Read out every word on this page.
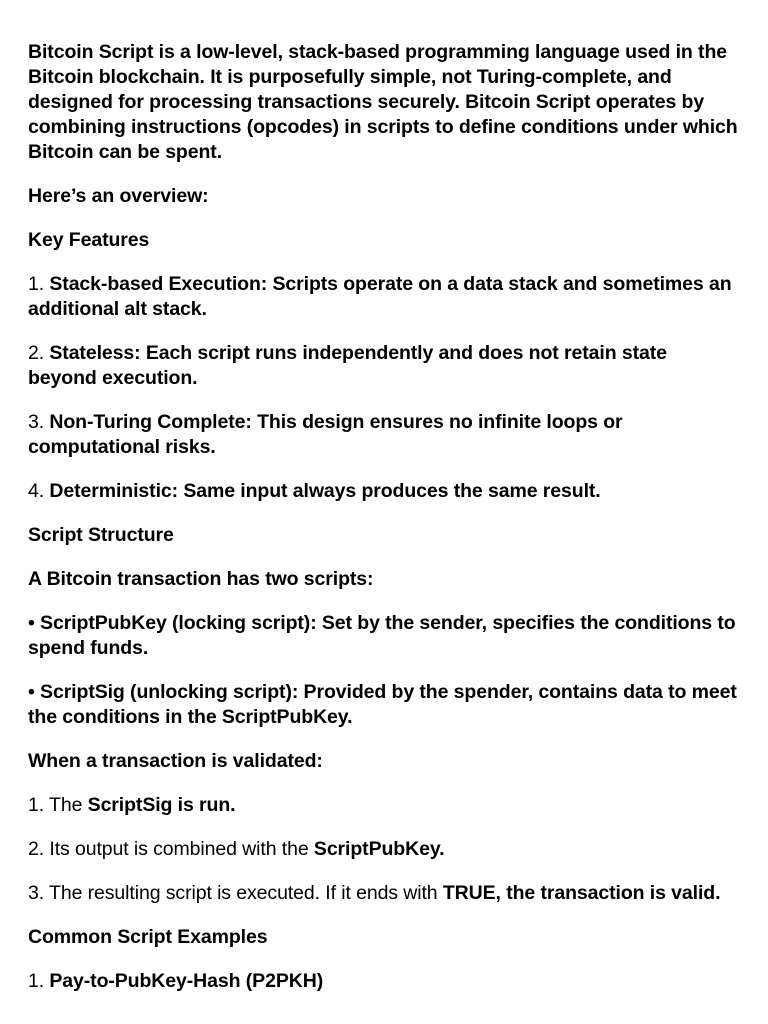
Bitcoin Script is a low-level, stack-based programming language used in the Bitcoin blockchain. It is purposefully simple, not Turing-complete, and designed for processing transactions securely. Bitcoin Script operates by combining instructions (opcodes) in scripts to define conditions under which Bitcoin can be spent.

Here’s an overview:

Key Features

1. Stack-based Execution: Scripts operate on a data stack and sometimes an additional alt stack.

2. Stateless: Each script runs independently and does not retain state beyond execution.

3. Non-Turing Complete: This design ensures no infinite loops or computational risks.

4. Deterministic: Same input always produces the same result.

Script Structure

A Bitcoin transaction has two scripts:

• ScriptPubKey (locking script): Set by the sender, specifies the conditions to spend funds.

• ScriptSig (unlocking script): Provided by the spender, contains data to meet the conditions in the ScriptPubKey.

When a transaction is validated:

1. The ScriptSig is run.

2. Its output is combined with the ScriptPubKey.

3. The resulting script is executed. If it ends with TRUE, the transaction is valid.

Common Script Examples

1. Pay-to-PubKey-Hash (P2PKH)
